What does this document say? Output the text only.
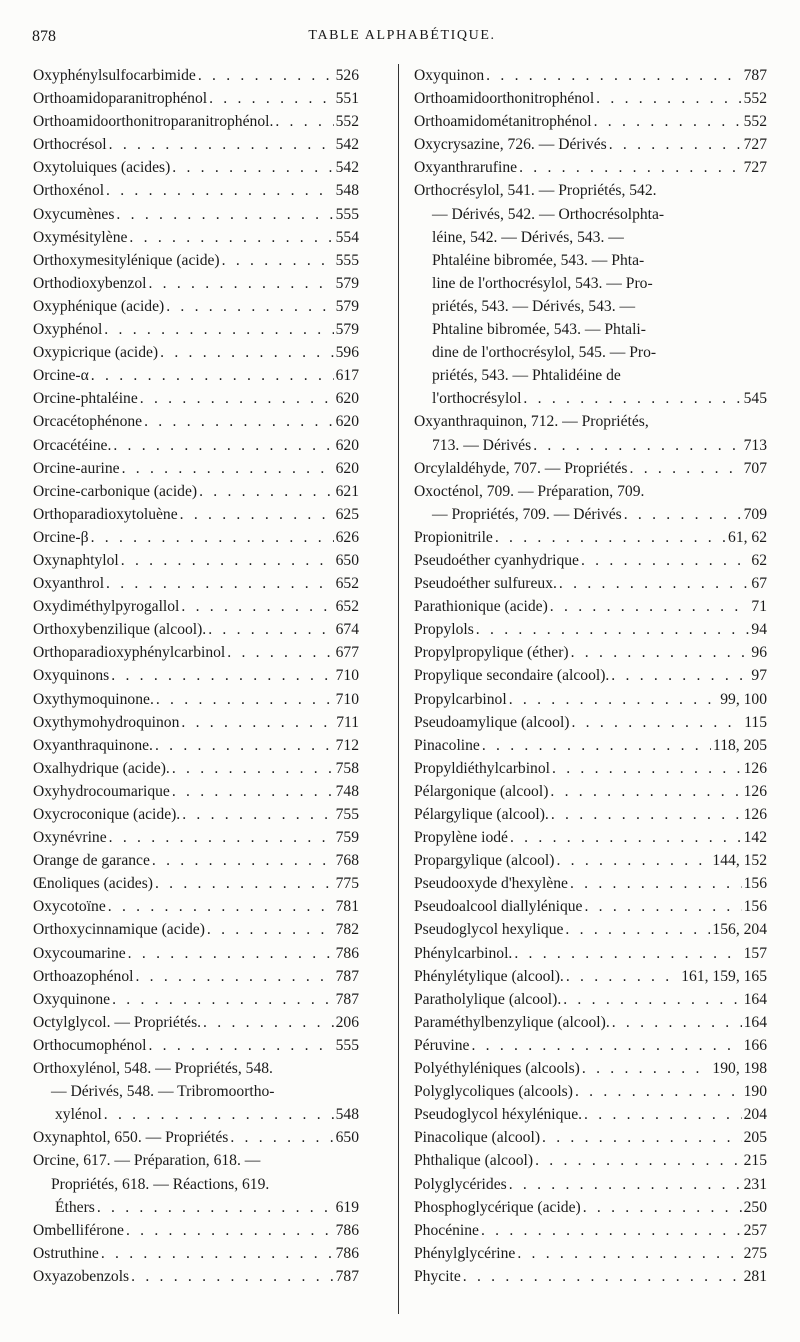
878	TABLE ALPHABÉTIQUE.
Oxyphénylsulfocarbimide . . .	526
Orthoamidoparanitrophénol . . .	551
Orthoamidoorthonitroparanitrophénol. . . .	552
Orthocrésol . . .	542
Oxytoluiques (acides) . . .	542
Orthoxénol . . .	548
Oxycumènes . . .	555
Oxymésitylène . . .	554
Orthoxymesitylénique (acide) . . .	555
Orthodioxybenzol . . .	579
Oxyphénique (acide) . . .	579
Oxyphénol . . .	579
Oxypicrique (acide) . . .	596
Orcine-α . . .	617
Orcine-phtaléine . . .	620
Orcacétophénone . . .	620
Orcacétéine. . . .	620
Orcine-aurine . . .	620
Orcine-carbonique (acide) . . .	621
Orthoparadioxytoluène . . .	625
Orcine-β . . .	626
Oxynaphtylol . . .	650
Oxyanthrol . . .	652
Oxydiméthylpyrogallol . . .	652
Orthoxybenzilique (alcool). . . .	674
Orthoparadioxyphénylcarbinol . . .	677
Oxyquinons . . .	710
Oxythymoquinone. . . .	710
Oxythymohydroquinon . . .	711
Oxyanthraquinone. . . .	712
Oxalhydrique (acide). . . .	758
Oxyhydrocoumarique . . .	748
Oxycroconique (acide). . . .	755
Oxynévrine . . .	759
Orange de garance . . .	768
Œnoliques (acides) . . .	775
Oxycotoïne . . .	781
Orthoxycinnamique (acide) . . .	782
Oxycoumarine . . .	786
Orthoazophénol . . .	787
Oxyquinone . . .	787
Octylglycol. — Propriétés. . . .	206
Orthocumophénol . . .	555
Orthoxylénol, 548. — Propriétés, 548.
— Dérivés, 548. — Tribromoortho-
xylénol . . .	548
Oxynaphtol, 650. — Propriétés . . .	650
Orcine, 617. — Préparation, 618. —
Propriétés, 618. — Réactions, 619.
Éthers . . .	619
Ombelliférone . . .	786
Ostruthine . . .	786
Oxyazobenzols . . .	787
Oxyquinon . . .	787
Orthoamidoorthonitrophénol . . .	552
Orthoamidométanitrophénol . . .	552
Oxycrysazine, 726. — Dérivés . . .	727
Oxyanthrarufine . . .	727
Orthocrésylol, 541. — Propriétés, 542.
— Dérivés, 542. — Orthocrésolphta-
léine, 542. — Dérivés, 543. —
Phtaléine bibromée, 543. — Phta-
line de l'orthocrésylol, 543. — Pro-
priétés, 543. — Dérivés, 543. —
Phtaline bibromée, 543. — Phtali-
dine de l'orthocrésylol, 545. — Pro-
priétés, 543. — Phtalidéine de
l'orthocrésylol . . .	545
Oxyanthraquinon, 712. — Propriétés,
713. — Dérivés . . .	713
Orcylaldéhyde, 707. — Propriétés . . .	707
Oxocténol, 709. — Préparation, 709.
— Propriétés, 709. — Dérivés . . .	709
Propionitrile . . .	61, 62
Pseudoéther cyanhydrique . . .	62
Pseudoéther sulfureux. . . .	67
Parathionique (acide) . . .	71
Propylols . . .	94
Propylpropylique (éther) . . .	96
Propylique secondaire (alcool). . . .	97
Propylcarbinol . . .	99, 100
Pseudoamylique (alcool) . . .	115
Pinacoline . . .	118, 205
Propyldiéthylcarbinol . . .	126
Pélargonique (alcool) . . .	126
Pélargylique (alcool). . . .	126
Propylène iodé . . .	142
Propargylique (alcool) . . .	144, 152
Pseudooxyde d'hexylène . . .	156
Pseudoalcool diallylénique . . .	156
Pseudoglycol hexylique . . .	156, 204
Phénylcarbinol. . . .	157
Phénylétylique (alcool). . . .	161, 159, 165
Paratholylique (alcool). . . .	164
Paraméthylbenzylique (alcool). . . .	164
Péruvine . . .	166
Polyéthyléniques (alcools) . . .	190, 198
Polyglycoliques (alcools) . . .	190
Pseudoglycol héxylénique. . . .	204
Pinacolique (alcool) . . .	205
Phthalique (alcool) . . .	215
Polyglycérides . . .	231
Phosphoglycérique (acide) . . .	250
Phocénine . . .	257
Phénylglycérine . . .	275
Phycite . . .	281
